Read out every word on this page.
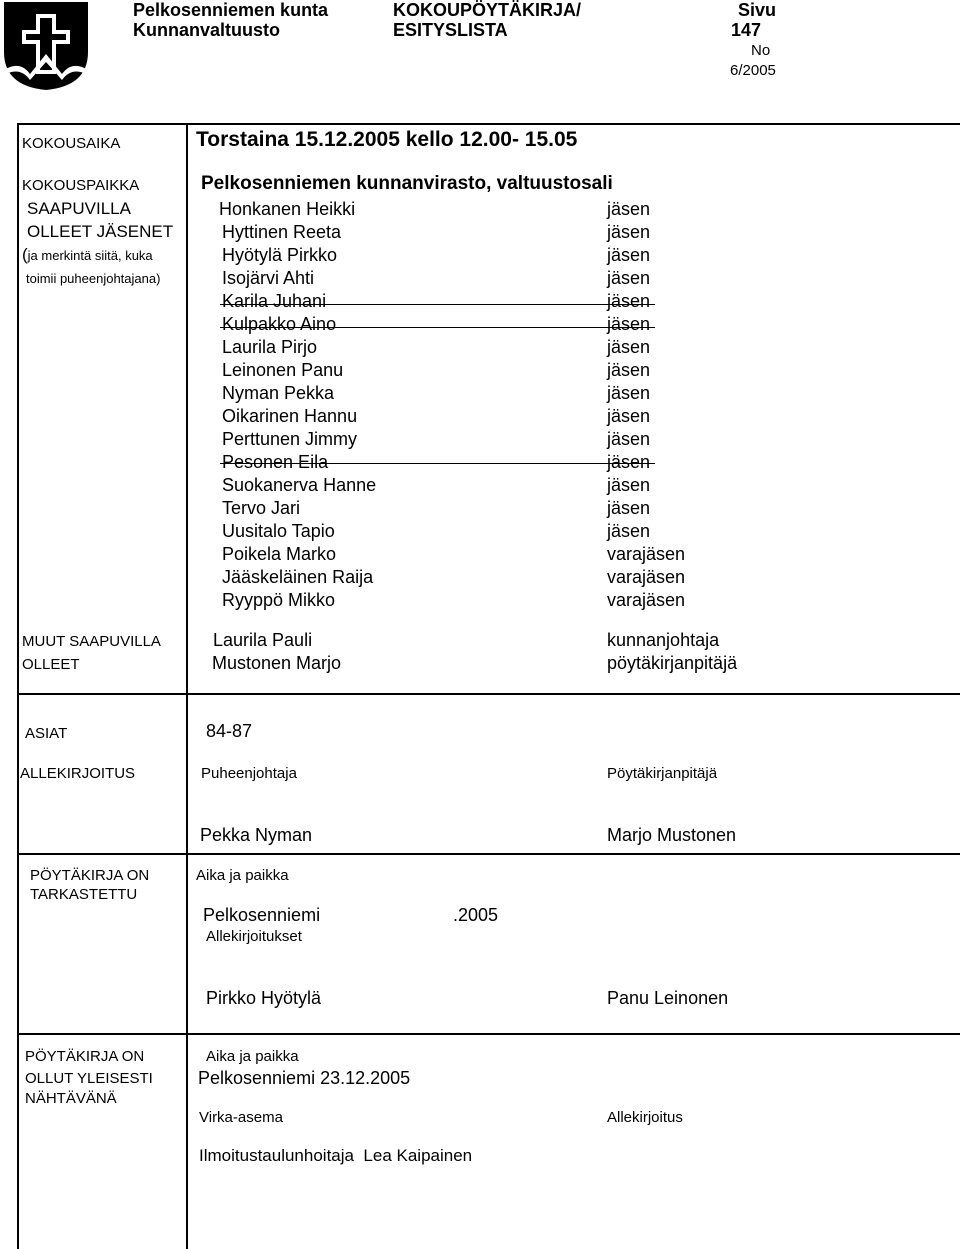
Pelkosenniemen kunta
Kunnanvaltuusto
KOKOUPÖYTÄKIRJA/
ESITYSLISTA
Sivu
147
No
6/2005
KOKOUSAIKA	Torstaina 15.12.2005 kello 12.00- 15.05
KOKOUSPAIKKA	Pelkosenniemen kunnanvirasto, valtuustosali
SAAPUVILLA
OLLEET JÄSENET
(ja merkintä siitä, kuka
toimii puheenjohtajana)
Honkanen Heikki	jäsen
Hyttinen Reeta	jäsen
Hyötylä Pirkko	jäsen
Isojärvi Ahti	jäsen
Karila Juhani	jäsen
Kulpakko Aino	jäsen
Laurila Pirjo	jäsen
Leinonen Panu	jäsen
Nyman Pekka	jäsen
Oikarinen Hannu	jäsen
Perttunen Jimmy	jäsen
Pesonen Eila	jäsen
Suokanerva Hanne	jäsen
Tervo Jari	jäsen
Uusitalo Tapio	jäsen
Poikela Marko	varajäsen
Jääskeläinen Raija	varajäsen
Ryyppö Mikko	varajäsen
MUUT SAAPUVILLA
OLLEET
Laurila Pauli	kunnanjohtaja
Mustonen Marjo	pöytäkirjanpitäjä
ASIAT	84-87
ALLEKIRJOITUS	Puheenjohtaja	Pöytäkirjanpitäjä
Pekka Nyman	Marjo Mustonen
PÖYTÄKIRJA ON
TARKASTETTU
Aika ja paikka
Pelkosenniemi	.2005
Allekirjoitukset
Pirkko Hyötylä	Panu Leinonen
PÖYTÄKIRJA ON
OLLUT YLEISESTI
NÄHTÄVÄNÄ
Aika ja paikka
Pelkosenniemi 23.12.2005
Virka-asema	Allekirjoitus
Ilmoitustaulunhoitaja  Lea Kaipainen
